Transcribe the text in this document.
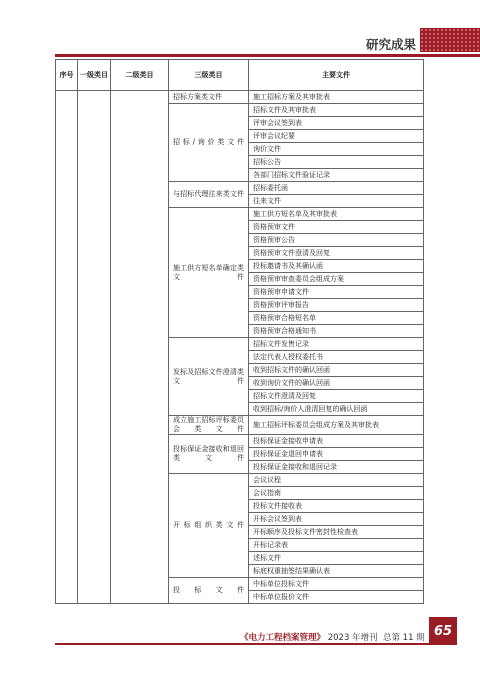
研究成果
序号	一级类目	二级类目	三级类目	主要文件
			招标方案类文件	施工招标方案及其审批表
			招标/询价类文件	招标文件及其审批表
				评审会议签到表
				评审会议纪要
				询价文件
				招标公告
				各部门招标文件验证记录
			与招标代理往来类文件	招标委托函
				往来文件
			施工供方短名单确定类文件	施工供方短名单及其审批表
				资格预审文件
				资格预审公告
				资格预审文件澄清及回复
				投标邀请书及其确认函
				资格预审审查委员会组成方案
				资格预审申请文件
				资格预审评审报告
				资格预审合格短名单
				资格预审合格通知书
			发标及招标文件澄清类文件	招标文件发售记录
				法定代表人授权委托书
				收到招标文件的确认回函
				收到询价文件的确认回函
				招标文件澄清及回复
				收到招标/询价人澄清回复的确认回函
			成立施工招标评标委员会类文件	施工招标评标委员会组成方案及其审批表
			投标保证金接收和退回类文件	投标保证金接收申请表
				投标保证金退回申请表
				投标保证金接收和退回记录
			开标组织类文件	会议议程
				会议指南
				投标文件接收表
				开标会议签到表
				开标顺序及投标文件密封性检查表
				开标记录表
				述标文件
				标底权重抽签结果确认表
			投标文件	中标单位投标文件
				中标单位报价文件
《电力工程档案管理》 2023 年增刊 总第 11 期 65
